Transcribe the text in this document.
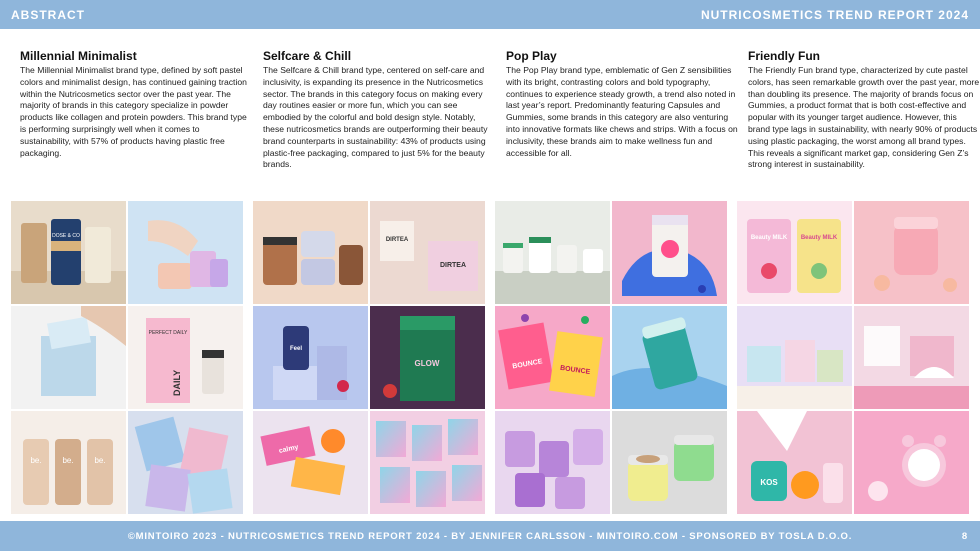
ABSTRACT	NUTRICOSMETICS TREND REPORT 2024
Millennial Minimalist

The Millennial Minimalist brand type, defined by soft pastel colors and minimalist design, has continued gaining traction within the Nutricosmetics sector over the past year. The majority of brands in this category specialize in powder products like collagen and protein powders. This brand type is performing surprisingly well when it comes to sustainability, with 57% of products having plastic free packaging.

Selfcare & Chill

The Selfcare & Chill brand type, centered on self-care and inclusivity, is expanding its presence in the Nutricosmetics sector. The brands in this category focus on making every day routines easier or more fun, which you can see embodied by the colorful and bold design style. Notably, these nutricosmetics brands are outperforming their beauty brand counterparts in sustainability: 43% of products using plastic-free packaging, compared to just 5% for the beauty brands.

Pop Play

The Pop Play brand type, emblematic of Gen Z sensibilities with its bright, contrasting colors and bold typography, continues to experience steady growth, a trend also noted in last year’s report. Predominantly featuring Capsules and Gummies, some brands in this category are also venturing into innovative formats like chews and strips. With a focus on inclusivity, these brands aim to make wellness fun and accessible for all.

Friendly Fun

The Friendly Fun brand type, characterized by cute pastel colors, has seen remarkable growth over the past year, more than doubling its presence. The majority of brands focus on Gummies, a product format that is both cost-effective and popular with its younger target audience. However, this brand type lags in sustainability, with nearly 90% of products using plastic packaging, the worst among all brand types. This reveals a significant market gap, considering Gen Z’s strong interest in sustainability.

DOSE & CO
PERFECT DAILY
DAILY
be.	be.	be.
DIRTEA
DIRTEA
Feel
GLOW
calmy
BOUNCE BOUNCE
Beauty MILK Beauty MILK
KOS
©MINTOIRO 2023 - NUTRICOSMETICS TREND REPORT 2024 - BY JENNIFER CARLSSON - MINTOIRO.COM - SPONSORED BY TOSLA D.O.O.	8
